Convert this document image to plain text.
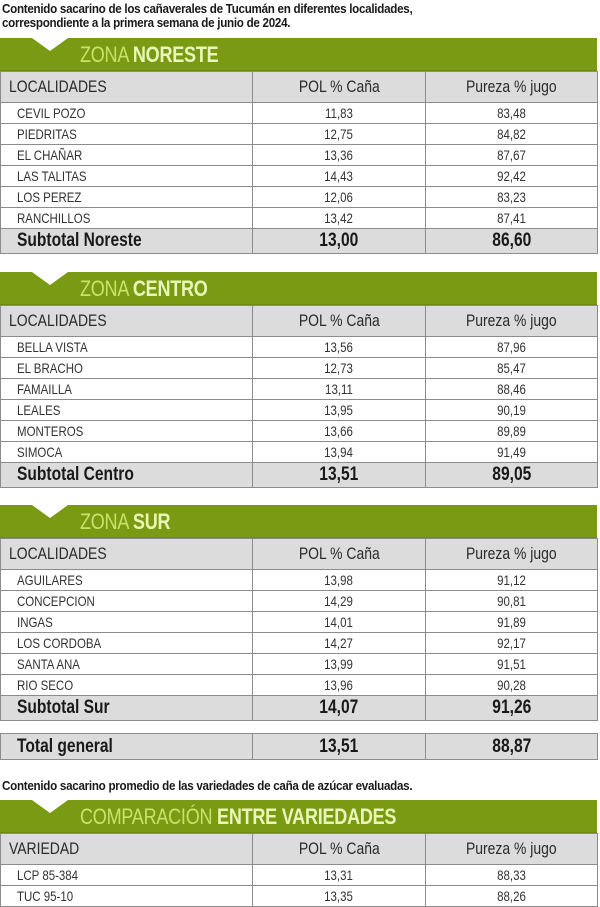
Contenido sacarino de los cañaverales de Tucumán en diferentes localidades,
correspondiente a la primera semana de junio de 2024.
ZONA NORESTE
LOCALIDADES	POL % Caña	Pureza % jugo
CEVIL POZO	11,83	83,48
PIEDRITAS	12,75	84,82
EL CHAÑAR	13,36	87,67
LAS TALITAS	14,43	92,42
LOS PEREZ	12,06	83,23
RANCHILLOS	13,42	87,41
Subtotal Noreste	13,00	86,60
ZONA CENTRO
LOCALIDADES	POL % Caña	Pureza % jugo
BELLA VISTA	13,56	87,96
EL BRACHO	12,73	85,47
FAMAILLA	13,11	88,46
LEALES	13,95	90,19
MONTEROS	13,66	89,89
SIMOCA	13,94	91,49
Subtotal Centro	13,51	89,05
ZONA SUR
LOCALIDADES	POL % Caña	Pureza % jugo
AGUILARES	13,98	91,12
CONCEPCION	14,29	90,81
INGAS	14,01	91,89
LOS CORDOBA	14,27	92,17
SANTA ANA	13,99	91,51
RIO SECO	13,96	90,28
Subtotal Sur	14,07	91,26
Total general	13,51	88,87
Contenido sacarino promedio de las variedades de caña de azúcar evaluadas.
COMPARACIÓN ENTRE VARIEDADES
VARIEDAD	POL % Caña	Pureza % jugo
LCP 85-384	13,31	88,33
TUC 95-10	13,35	88,26
